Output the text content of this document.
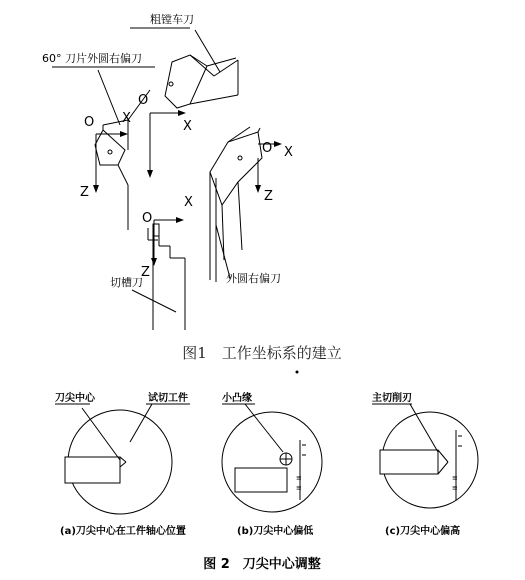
粗镗车刀
O
X
60° 刀片外圆右偏刀
O X
Z
O X
Z
外圆右偏刀
切槽刀
O
X
Z
图1　工作坐标系的建立
刀尖中心	试切工件
(a)刀尖中心在工件轴心位置
≡
≡
小凸缘
(b)刀尖中心偏低
≡
≡
主切削刃
(c)刀尖中心偏高
图 2　刀尖中心调整
